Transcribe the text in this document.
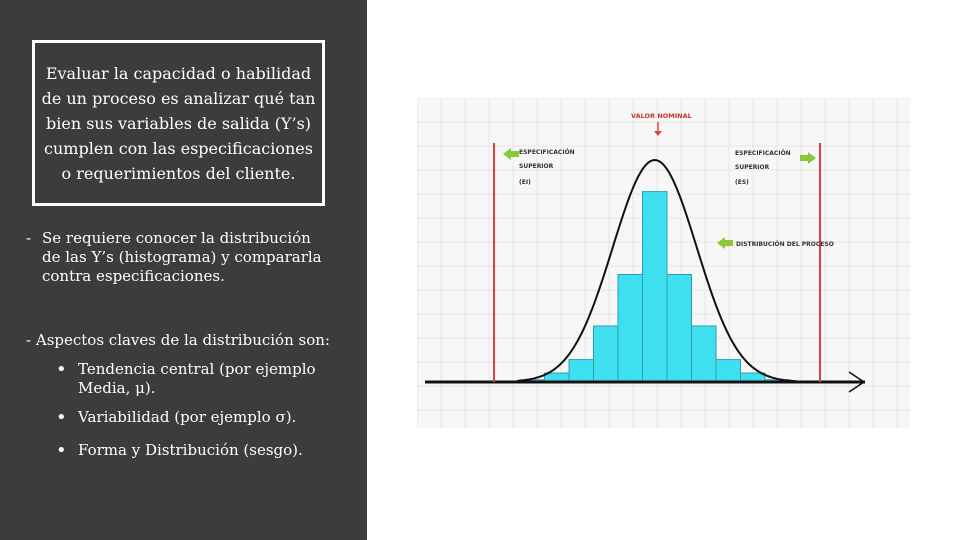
Evaluar la capacidad o habilidad de un proceso es analizar qué tan bien sus variables de salida (Y’s) cumplen con las especificaciones o requerimientos del cliente.
- Se requiere conocer la distribución de las Y’s (histograma) y compararla contra especificaciones.
- Aspectos claves de la distribución son:
• Tendencia central (por ejemplo Media, μ).
• Variabilidad (por ejemplo σ).
• Forma y Distribución (sesgo).
VALOR NOMINAL
ESPECIFICACIÓN
SUPERIOR
(EI)
ESPECIFICACIÓN
SUPERIOR
(ES)
DISTRIBUCIÓN DEL PROCESO
